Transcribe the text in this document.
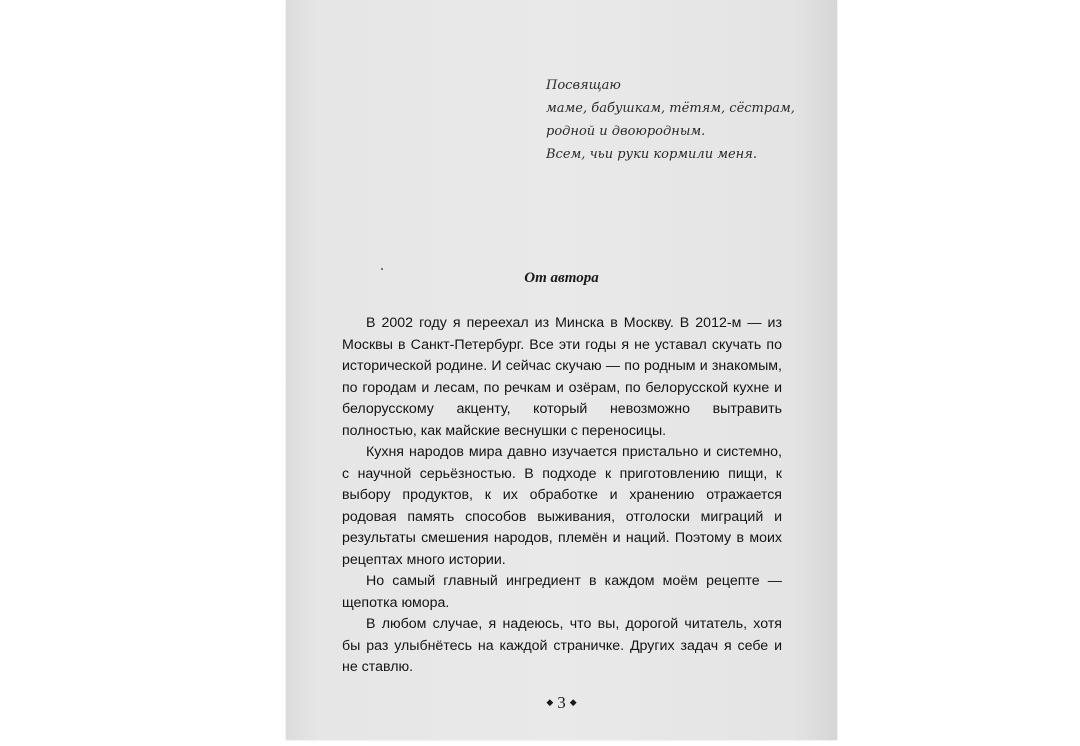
Посвящаю
маме, бабушкам, тётям, сёстрам,
родной и двоюродным.
Всем, чьи руки кормили меня.
От автора

В 2002 году я переехал из Минска в Москву. В 2012-м — из Москвы в Санкт-Петербург. Все эти годы я не уставал скучать по исторической родине. И сейчас скучаю — по родным и знакомым, по городам и лесам, по речкам и озёрам, по белорусской кухне и белорусскому акценту, который невозможно вытравить полностью, как майские веснушки с переносицы.

Кухня народов мира давно изучается пристально и системно, с научной серьёзностью. В подходе к приготовлению пищи, к выбору продуктов, к их обработке и хранению отражается родовая память способов выживания, отголоски миграций и результаты смешения народов, племён и наций. Поэтому в моих рецептах много истории.

Но самый главный ингредиент в каждом моём рецепте — щепотка юмора.

В любом случае, я надеюсь, что вы, дорогой читатель, хотя бы раз улыбнётесь на каждой страничке. Других задач я себе и не ставлю.

◆ 3 ◆
